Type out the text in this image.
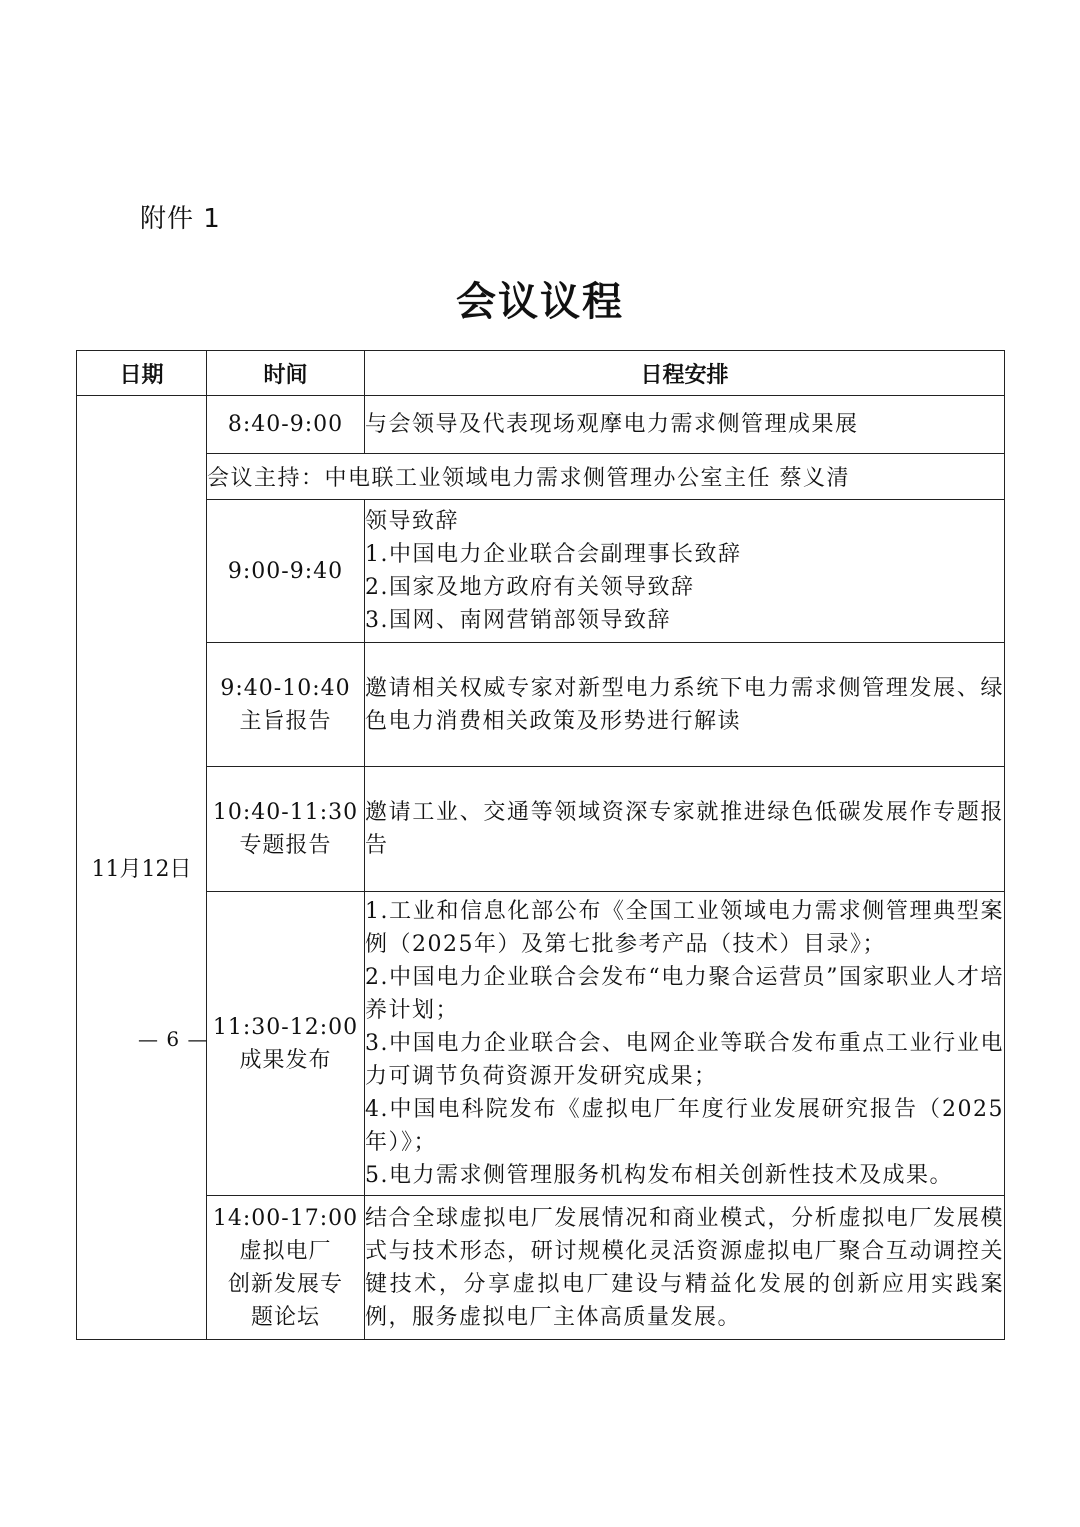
附件 1
会议议程
日期	时间	日程安排
11月12日	8:40-9:00	与会领导及代表现场观摩电力需求侧管理成果展

	会议主持：中电联工业领域电力需求侧管理办公室主任 蔡义清	

	9:00-9:40	领导致辞
1.中国电力企业联合会副理事长致辞
2.国家及地方政府有关领导致辞
3.国网、南网营销部领导致辞

	9:40-10:40
主旨报告	邀请相关权威专家对新型电力系统下电力需求侧管理发展、绿色电力消费相关政策及形势进行解读

	10:40-11:30
专题报告	邀请工业、交通等领域资深专家就推进绿色低碳发展作专题报告

	11:30-12:00
成果发布	1.工业和信息化部公布《全国工业领域电力需求侧管理典型案例（2025年）及第七批参考产品（技术）目录》；
2.中国电力企业联合会发布“电力聚合运营员”国家职业人才培养计划；
3.中国电力企业联合会、电网企业等联合发布重点工业行业电力可调节负荷资源开发研究成果；
4.中国电科院发布《虚拟电厂年度行业发展研究报告（2025年）》；
5.电力需求侧管理服务机构发布相关创新性技术及成果。

	14:00-17:00
虚拟电厂
创新发展专
题论坛	结合全球虚拟电厂发展情况和商业模式，分析虚拟电厂发展模式与技术形态，研讨规模化灵活资源虚拟电厂聚合互动调控关键技术，分享虚拟电厂建设与精益化发展的创新应用实践案例，服务虚拟电厂主体高质量发展。
— 6 —
